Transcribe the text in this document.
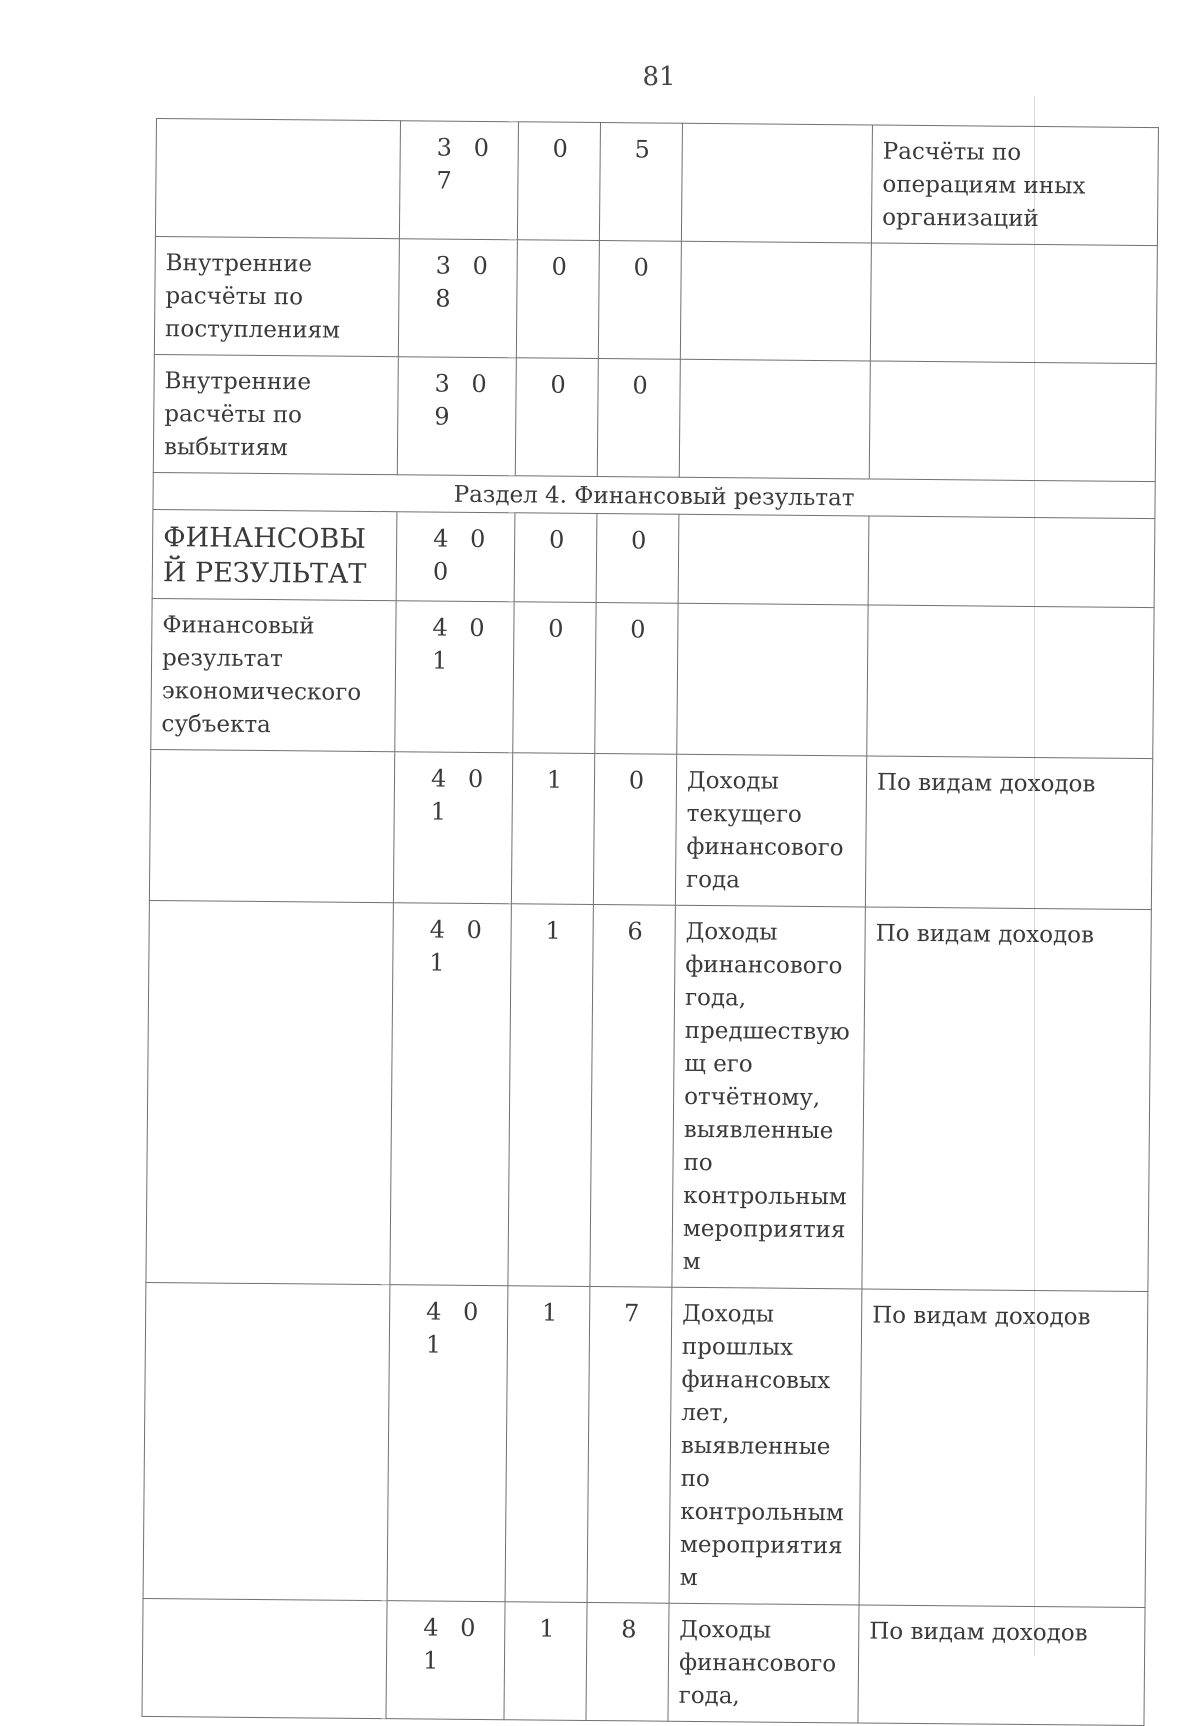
81
	3 0 7	0	5		Расчёты по операциям иных организаций
Внутренние расчёты по поступлениям	3 0 8	0	0		
Внутренние расчёты по выбытиям	3 0 9	0	0		
Раздел 4. Финансовый результат					
ФИНАНСОВЫЙ РЕЗУЛЬТАТ	4 0 0	0	0		
Финансовый результат экономического субъекта	4 0 1	0	0		
	4 0 1	1	0	Доходы текущего финансового года	По видам доходов
	4 0 1	1	6	Доходы финансового года, предшествующ его отчётному, выявленные по контрольным мероприятиям	По видам доходов
	4 0 1	1	7	Доходы прошлых финансовых лет, выявленные по контрольным мероприятиям	По видам доходов
	4 0 1	1	8	Доходы финансового года,	По видам доходов
